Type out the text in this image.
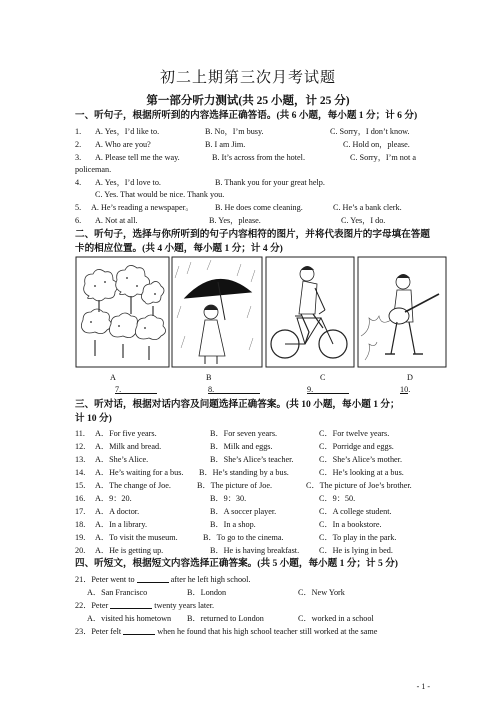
初二上期第三次月考试题
第一部分听力测试(共 25 小题，计 25 分)
一、听句子，根据所听到的内容选择正确答语。(共 6 小题，每小题 1 分；计 6 分)
1. A. Yes，I’d like to.	B. No，I’m busy.	C. Sorry，I don’t know.
2. A. Who are you?	B. I am Jim.	C. Hold on，please.
3. A. Please tell me the way.	B. It’s across from the hotel.	C. Sorry，I’m not a
policeman.
4. A. Yes，I’d love to.	B. Thank you for your great help.
C. Yes. That would be nice. Thank you.
5. A. He’s reading a newspaper。	B. He does come cleaning.	C. He’s a bank clerk.
6. A. Not at all.	B. Yes，please.	C. Yes，I do.
二、听句子，选择与你所听到的句子内容相符的图片，并将代表图片的字母填在答题
卡的相应位置。(共 4 小题，每小题 1 分；计 4 分)
A	B	C	D
7.	8.	9.	10.
三、听对话，根据对话内容及问题选择正确答案。(共 10 小题，每小题 1 分；
计 10 分)
11. A．For five years.	B．For seven years.	C．For twelve years.
12. A．Milk and bread.	B．Milk and eggs.	C．Porridge and eggs.
13. A．She’s Alice.	B．She’s Alice’s teacher.	C．She’s Alice’s mother.
14. A．He’s waiting for a bus. B．He’s standing by a bus.	C．He’s looking at a bus.
15. A．The change of Joe.	B．The picture of Joe.	C．The picture of Joe’s brother.
16. A．9：20.	B．9：30.	C．9：50.
17. A．A doctor.	B．A soccer player.	C．A college student.
18. A．In a library.	B．In a shop.	C．In a bookstore.
19. A．To visit the museum.	B．To go to the cinema.	C．To play in the park.
20. A．He is getting up.	B．He is having breakfast. C．He is lying in bed.
四、听短文，根据短文内容选择正确答案。(共 5 小题，每小题 1 分；计 5 分)
21．Peter went to	after he left high school.
A．San Francisco	B．London	C．New York
22．Peter	twenty years later.
A．visited his hometown B．returned to London	C．worked in a school
23．Peter felt	when he found that his high school teacher still worked at the same
- 1 -
